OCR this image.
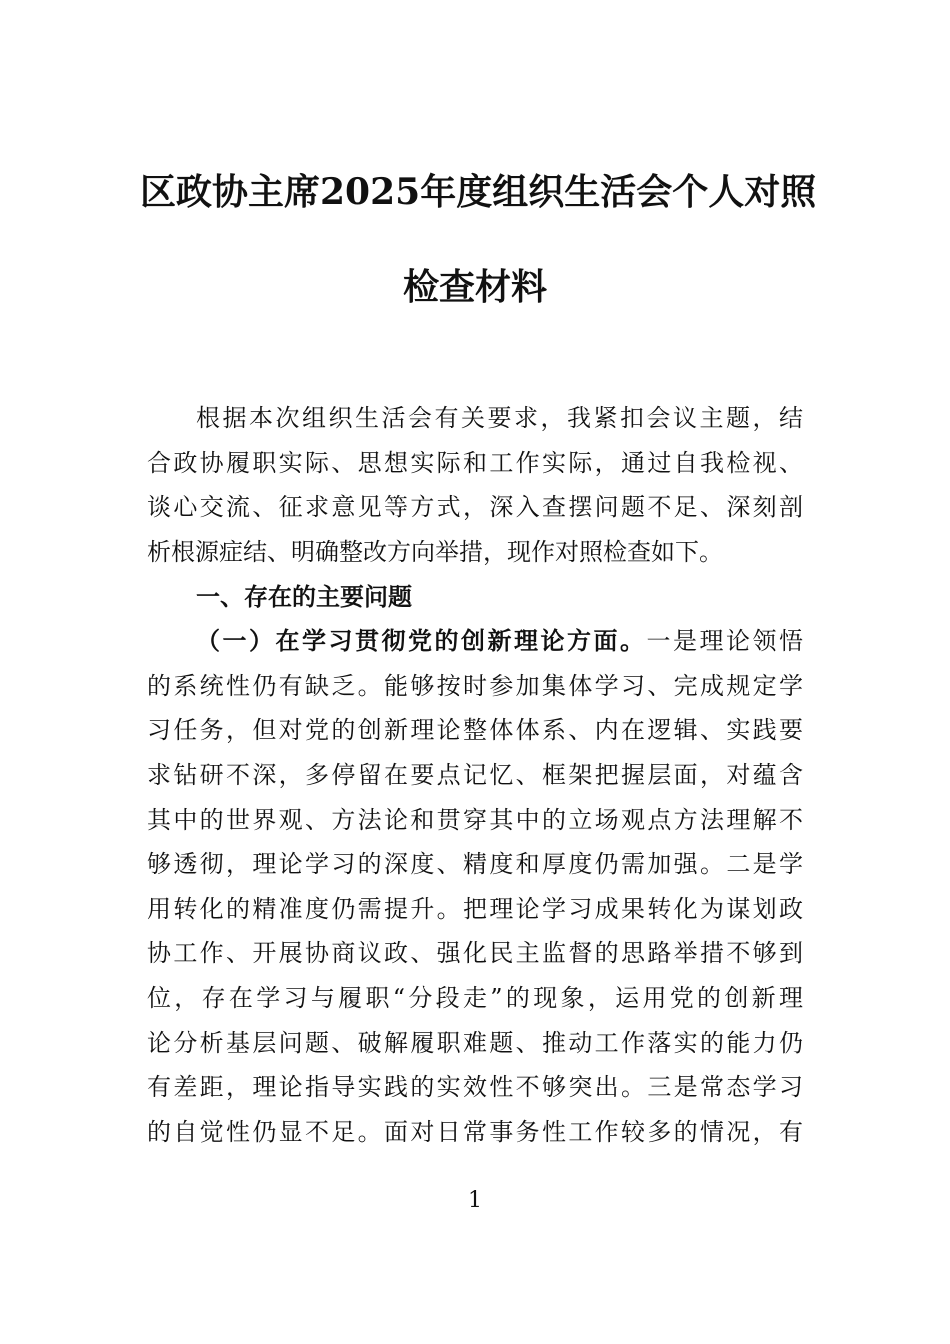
区政协主席2025年度组织生活会个人对照
检查材料
根据本次组织生活会有关要求，我紧扣会议主题，结
合政协履职实际、思想实际和工作实际，通过自我检视、
谈心交流、征求意见等方式，深入查摆问题不足、深刻剖
析根源症结、明确整改方向举措，现作对照检查如下。
一、存在的主要问题
（一）在学习贯彻党的创新理论方面。一是理论领悟
的系统性仍有缺乏。能够按时参加集体学习、完成规定学
习任务，但对党的创新理论整体体系、内在逻辑、实践要
求钻研不深，多停留在要点记忆、框架把握层面，对蕴含
其中的世界观、方法论和贯穿其中的立场观点方法理解不
够透彻，理论学习的深度、精度和厚度仍需加强。二是学
用转化的精准度仍需提升。把理论学习成果转化为谋划政
协工作、开展协商议政、强化民主监督的思路举措不够到
位，存在学习与履职“分段走”的现象，运用党的创新理
论分析基层问题、破解履职难题、推动工作落实的能力仍
有差距，理论指导实践的实效性不够突出。三是常态学习
的自觉性仍显不足。面对日常事务性工作较多的情况，有
1
